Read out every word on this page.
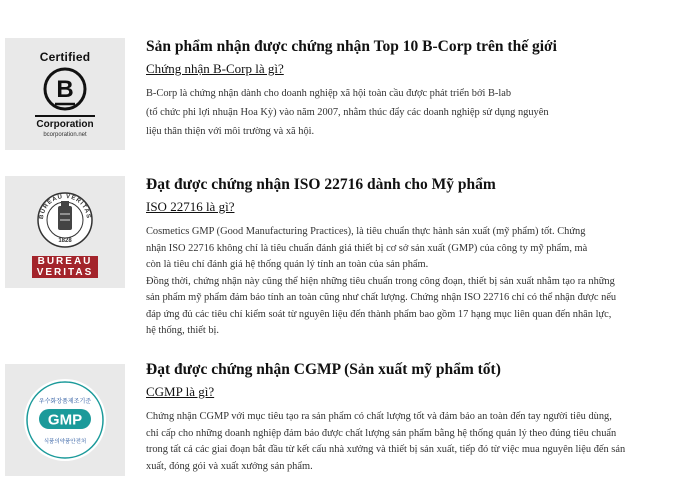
Certified
B
Corporation
bcorporation.net
Sản phẩm nhận được chứng nhận Top 10 B-Corp trên thế giới
Chứng nhận B-Corp là gì?

B-Corp là chứng nhận dành cho doanh nghiệp xã hội toàn cầu được phát triển bởi B-lab

(tổ chức phi lợi nhuận Hoa Kỳ) vào năm 2007, nhằm thúc đẩy các doanh nghiệp sử dụng nguyên

liệu thân thiện với môi trường và xã hội.

BUREAU VERITAS
1828
BUREAU
VERITAS
Đạt được chứng nhận ISO 22716 dành cho Mỹ phẩm
ISO 22716 là gì?

Cosmetics GMP (Good Manufacturing Practices), là tiêu chuẩn thực hành sản xuất (mỹ phẩm) tốt. Chứng

nhận ISO 22716 không chỉ là tiêu chuẩn đánh giá thiết bị cơ sở sản xuất (GMP) của công ty mỹ phẩm, mà

còn là tiêu chí đánh giá hệ thống quản lý tính an toàn của sản phẩm.

Đồng thời, chứng nhận này cũng thể hiện những tiêu chuẩn trong công đoạn, thiết bị sản xuất nhằm tạo ra những

sản phẩm mỹ phẩm đảm bảo tính an toàn cũng như chất lượng. Chứng nhận ISO 22716 chỉ có thể nhận được nếu

đáp ứng đủ các tiêu chí kiểm soát từ nguyên liệu đến thành phẩm bao gồm 17 hạng mục liên quan đến nhân lực,

hệ thống, thiết bị.

우수화장품제조기준
GMP
식품의약품안전처
Đạt được chứng nhận CGMP (Sản xuất mỹ phẩm tốt)
CGMP là gì?

Chứng nhận CGMP với mục tiêu tạo ra sản phẩm có chất lượng tốt và đảm bảo an toàn đến tay người tiêu dùng,

chỉ cấp cho những doanh nghiệp đảm bảo được chất lượng sản phẩm bằng hệ thống quản lý theo đúng tiêu chuẩn

trong tất cả các giai đoạn bắt đầu từ kết cấu nhà xưởng và thiết bị sản xuất, tiếp đó từ việc mua nguyên liệu đến sản

xuất, đóng gói và xuất xưởng sản phẩm.
